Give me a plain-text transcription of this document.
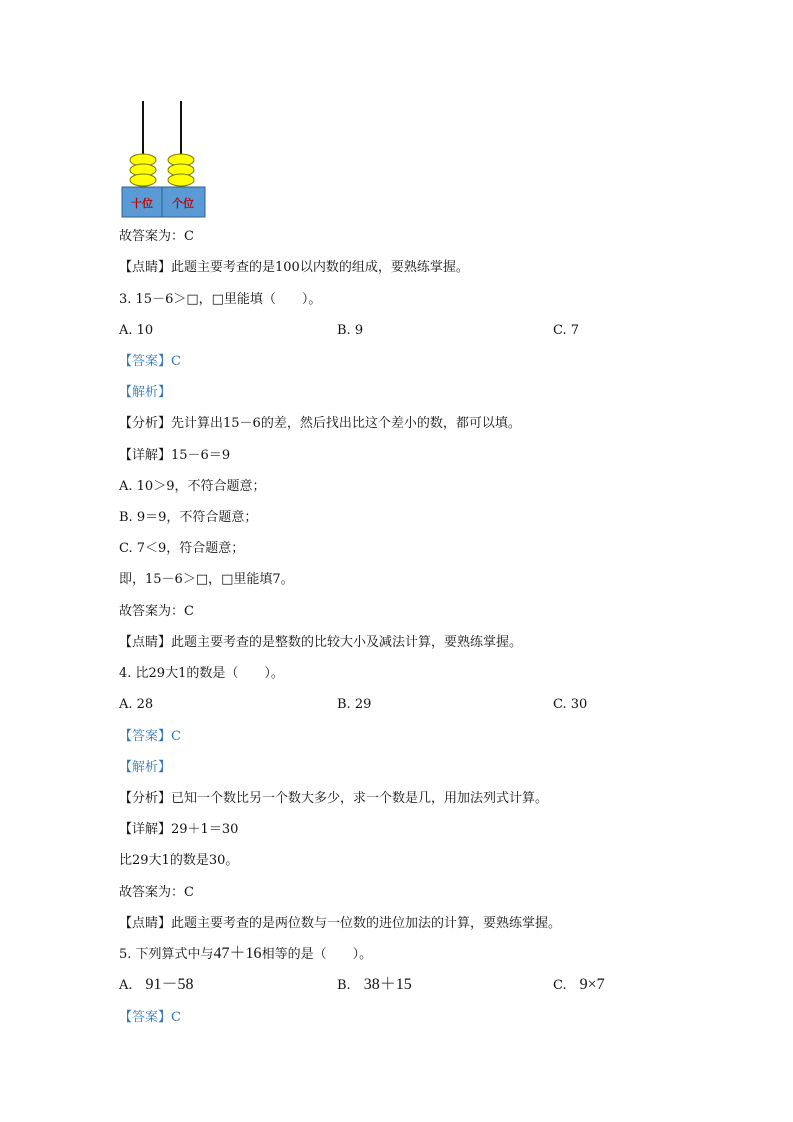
十位 个位
故答案为：C
【点睛】此题主要考查的是100以内数的组成，要熟练掌握。
3. 15－6＞□，□里能填（　　）。
A. 10	B. 9	C. 7
【答案】C
【解析】
【分析】先计算出15－6的差，然后找出比这个差小的数，都可以填。
【详解】15－6＝9
A. 10＞9，不符合题意；
B. 9＝9，不符合题意；
C. 7＜9，符合题意；
即，15－6＞□，□里能填7。
故答案为：C
【点睛】此题主要考查的是整数的比较大小及减法计算，要熟练掌握。
4. 比29大1的数是（　　）。
A. 28	B. 29	C. 30
【答案】C
【解析】
【分析】已知一个数比另一个数大多少，求一个数是几，用加法列式计算。
【详解】29＋1＝30
比29大1的数是30。
故答案为：C
【点睛】此题主要考查的是两位数与一位数的进位加法的计算，要熟练掌握。
5. 下列算式中与47＋16相等的是（　　）。
A.　 91－58	B.　 38＋15	C.　 9×7
【答案】C
